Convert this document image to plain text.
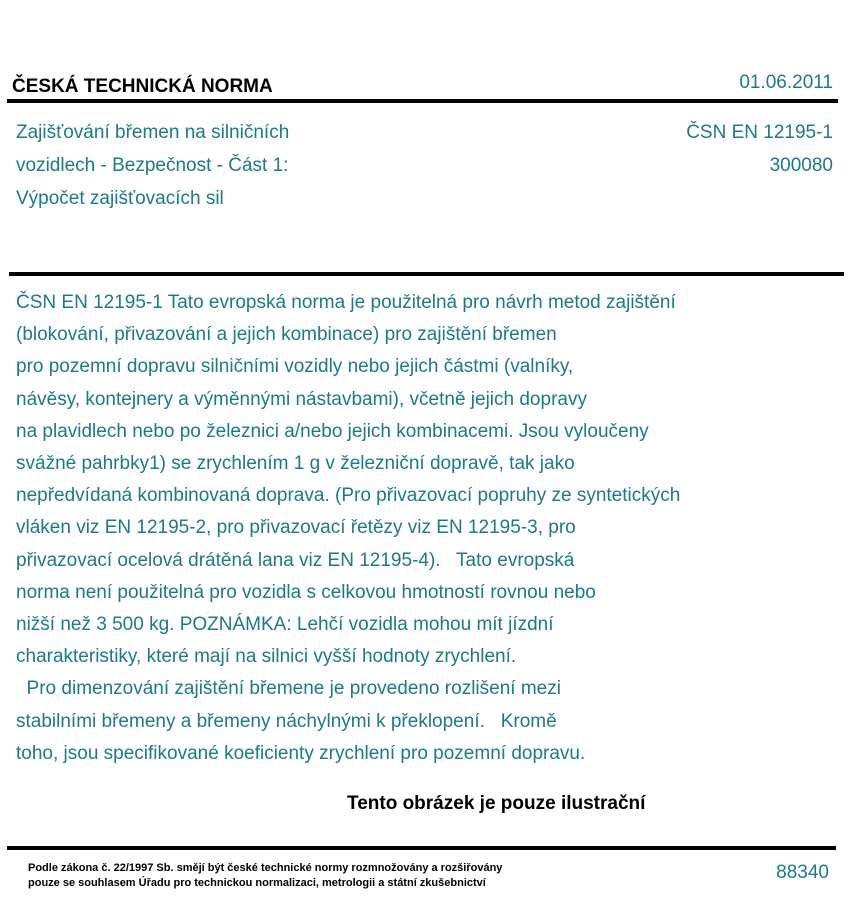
ČESKÁ TECHNICKÁ NORMA	01.06.2011
Zajišťování břemen na silničních
vozidlech - Bezpečnost - Část 1:
Výpočet zajišťovacích sil
ČSN EN 12195-1
300080
ČSN EN 12195-1 Tato evropská norma je použitelná pro návrh metod zajištění
(blokování, přivazování a jejich kombinace) pro zajištění břemen
pro pozemní dopravu silničními vozidly nebo jejich částmi (valníky,
návěsy, kontejnery a výměnnými nástavbami), včetně jejich dopravy
na plavidlech nebo po železnici a/nebo jejich kombinacemi. Jsou vyloučeny
svážné pahrbky1) se zrychlením 1 g v železniční dopravě, tak jako
nepředvídaná kombinovaná doprava. (Pro přivazovací popruhy ze syntetických
vláken viz EN 12195-2, pro přivazovací řetězy viz EN 12195-3, pro
přivazovací ocelová drátěná lana viz EN 12195-4).   Tato evropská
norma není použitelná pro vozidla s celkovou hmotností rovnou nebo
nižší než 3 500 kg. POZNÁMKA: Lehčí vozidla mohou mít jízdní
charakteristiky, které mají na silnici vyšší hodnoty zrychlení.
Pro dimenzování zajištění břemene je provedeno rozlišení mezi
stabilními břemeny a břemeny náchylnými k překlopení.   Kromě
toho, jsou specifikované koeficienty zrychlení pro pozemní dopravu.
Tento obrázek je pouze ilustrační
Podle zákona č. 22/1997 Sb. smějí být české technické normy rozmnožovány a rozšiřovány
pouze se souhlasem Úřadu pro technickou normalizaci, metrologii a státní zkušebnictví	88340
